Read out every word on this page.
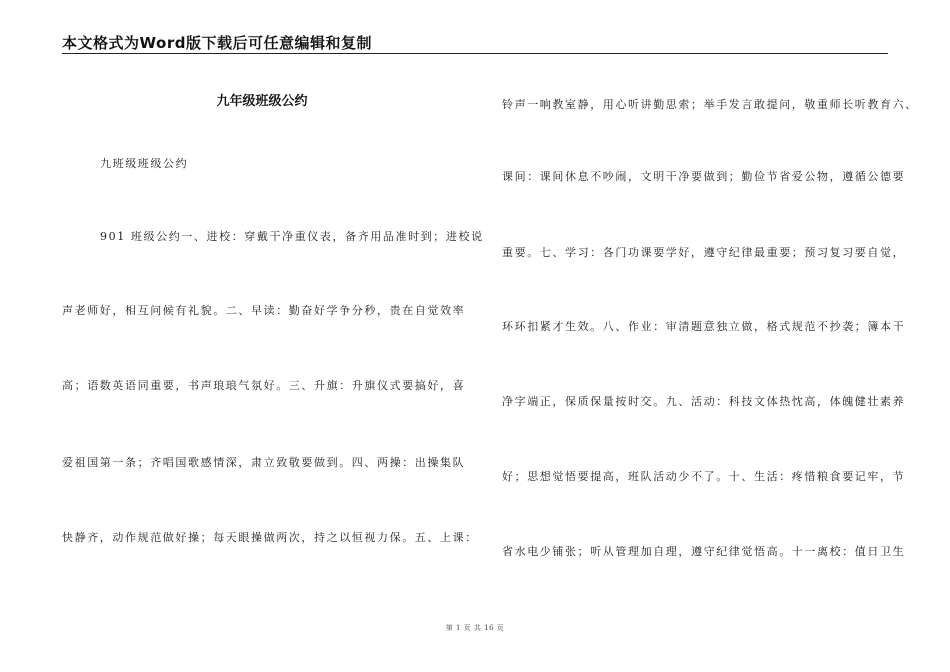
本文格式为Word版下载后可任意编辑和复制
九年级班级公约
九班级班级公约
901 班级公约一、进校：穿戴干净重仪表，备齐用品准时到；进校说
声老师好，相互问候有礼貌。二、早读：勤奋好学争分秒，贵在自觉效率
高；语数英语同重要，书声琅琅气氛好。三、升旗：升旗仪式要搞好，喜
爱祖国第一条；齐唱国歌感情深，肃立致敬要做到。四、两操：出操集队
快静齐，动作规范做好操；每天眼操做两次，持之以恒视力保。五、上课：
铃声一响教室静，用心听讲勤思索；举手发言敢提问，敬重师长听教育六、
课间：课间休息不吵闹，文明干净要做到；勤俭节省爱公物，遵循公德要
重要。七、学习：各门功课要学好，遵守纪律最重要；预习复习要自觉，
环环扣紧才生效。八、作业：审清题意独立做，格式规范不抄袭；簿本干
净字端正，保质保量按时交。九、活动：科技文体热忱高，体魄健壮素养
好；思想觉悟要提高，班队活动少不了。十、生活：疼惜粮食要记牢，节
省水电少铺张；听从管理加自理，遵守纪律觉悟高。十一离校：值日卫生
第 1 页 共 16 页
